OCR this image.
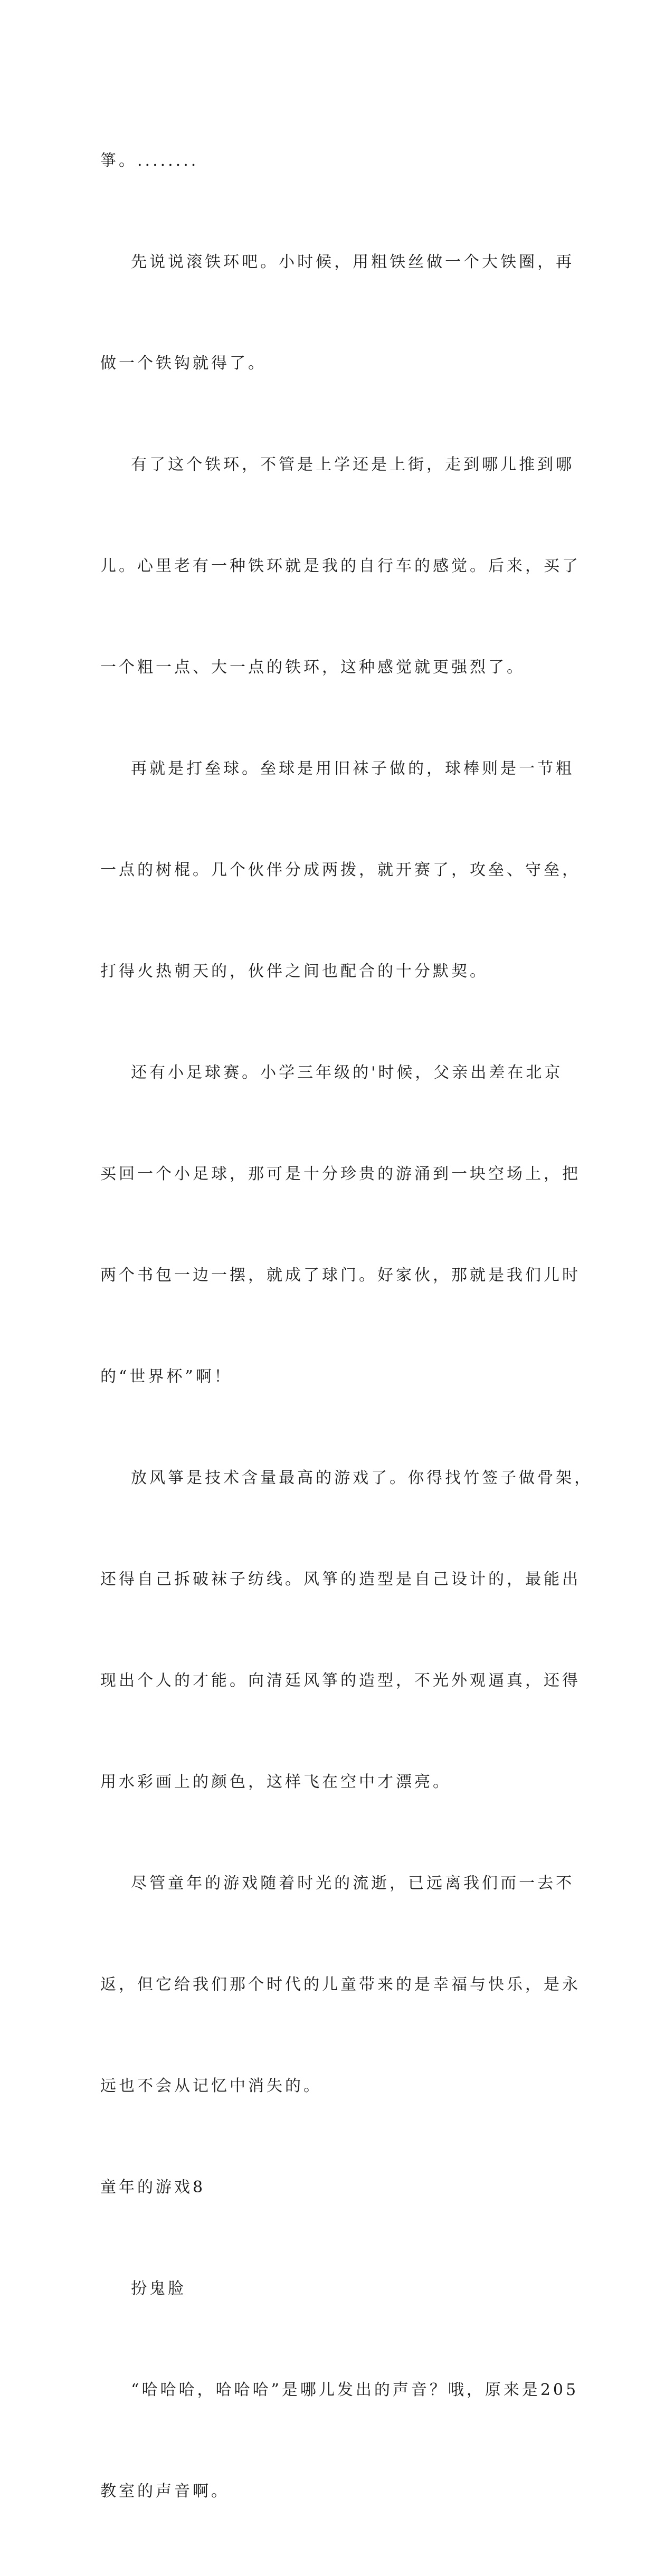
箏。........

先说说滚铁环吧。小时候，用粗铁丝做一个大铁圈，再

做一个铁钩就得了。

有了这个铁环，不管是上学还是上街，走到哪儿推到哪

儿。心里老有一种铁环就是我的自行车的感觉。后来，买了

一个粗一点、大一点的铁环，这种感觉就更强烈了。

再就是打垒球。垒球是用旧袜子做的，球棒则是一节粗

一点的树棍。几个伙伴分成两拨，就开赛了，攻垒、守垒，

打得火热朝天的，伙伴之间也配合的十分默契。

还有小足球赛。小学三年级的'时候，父亲出差在北京

买回一个小足球，那可是十分珍贵的游涌到一块空场上，把

两个书包一边一摆，就成了球门。好家伙，那就是我们儿时

的“世界杯”啊！

放风箏是技术含量最高的游戏了。你得找竹签子做骨架，

还得自己拆破袜子纺线。风箏的造型是自己设计的，最能出

现出个人的才能。向清廷风箏的造型，不光外观逼真，还得

用水彩画上的颜色，这样飞在空中才漂亮。

尽管童年的游戏随着时光的流逝，已远离我们而一去不

返，但它给我们那个时代的儿童带来的是幸福与快乐，是永

远也不会从记忆中消失的。

童年的游戏8

扮鬼脸

“哈哈哈，哈哈哈”是哪儿发出的声音？哦，原来是205

教室的声音啊。
